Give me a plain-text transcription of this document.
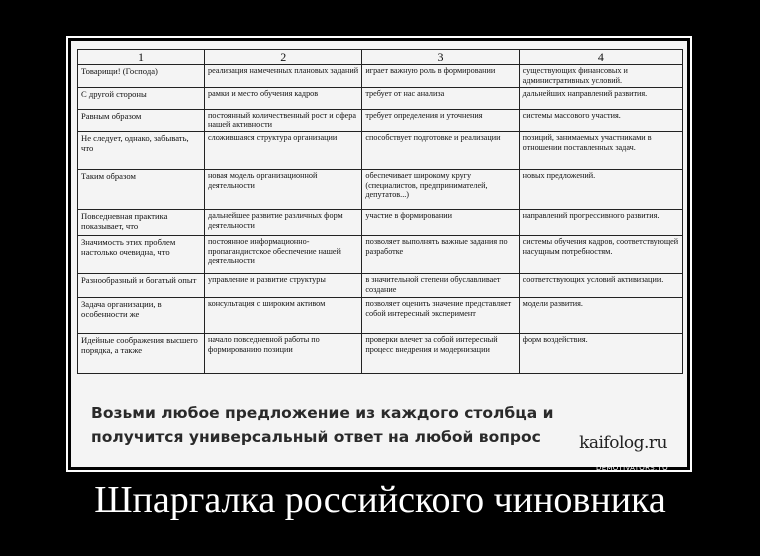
1	2	3	4
Товарищи! (Господа)	реализация намеченных плановых заданий	играет важную роль в формировании	существующих финансовых и административных условий.
С другой стороны	рамки и место обучения кадров	требует от нас анализа	дальнейших направлений развития.
Равным образом	постоянный количественный рост и сфера нашей активности	требует определения и уточнения	системы массового участия.
Не следует, однако, забывать, что	сложившаяся структура организации	способствует подготовке и реализации	позиций, занимаемых участниками в отношении поставленных задач.
Таким образом	новая модель организационной деятельности	обеспечивает широкому кругу (специалистов, предпринимателей, депутатов...)	новых предложений.
Повседневная практика показывает, что	дальнейшее развитие различных форм деятельности	участие в формировании	направлений прогрессивного развития.
Значимость этих проблем настолько очевидна, что	постоянное информационно-пропагандистское обеспечение нашей деятельности	позволяет выполнять важные задания по разработке	системы обучения кадров, соответствующей насущным потребностям.
Разнообразный и богатый опыт	управление и развитие структуры	в значительной степени обуславливает создание	соответствующих условий активизации.
Задача организации, в особенности же	консультация с широким активом	позволяет оценить значение представляет собой интересный эксперимент	модели развития.
Идейные соображения высшего порядка, а также	начало повседневной работы по формированию позиции	проверки влечет за собой интересный процесс внедрения и модернизации	форм воздействия.
Возьми любое предложение из каждого столбца и получится универсальный ответ на любой вопрос	kaifolog.ru
DEMOTIVATORS.TO
Шпаргалка российского чиновника
